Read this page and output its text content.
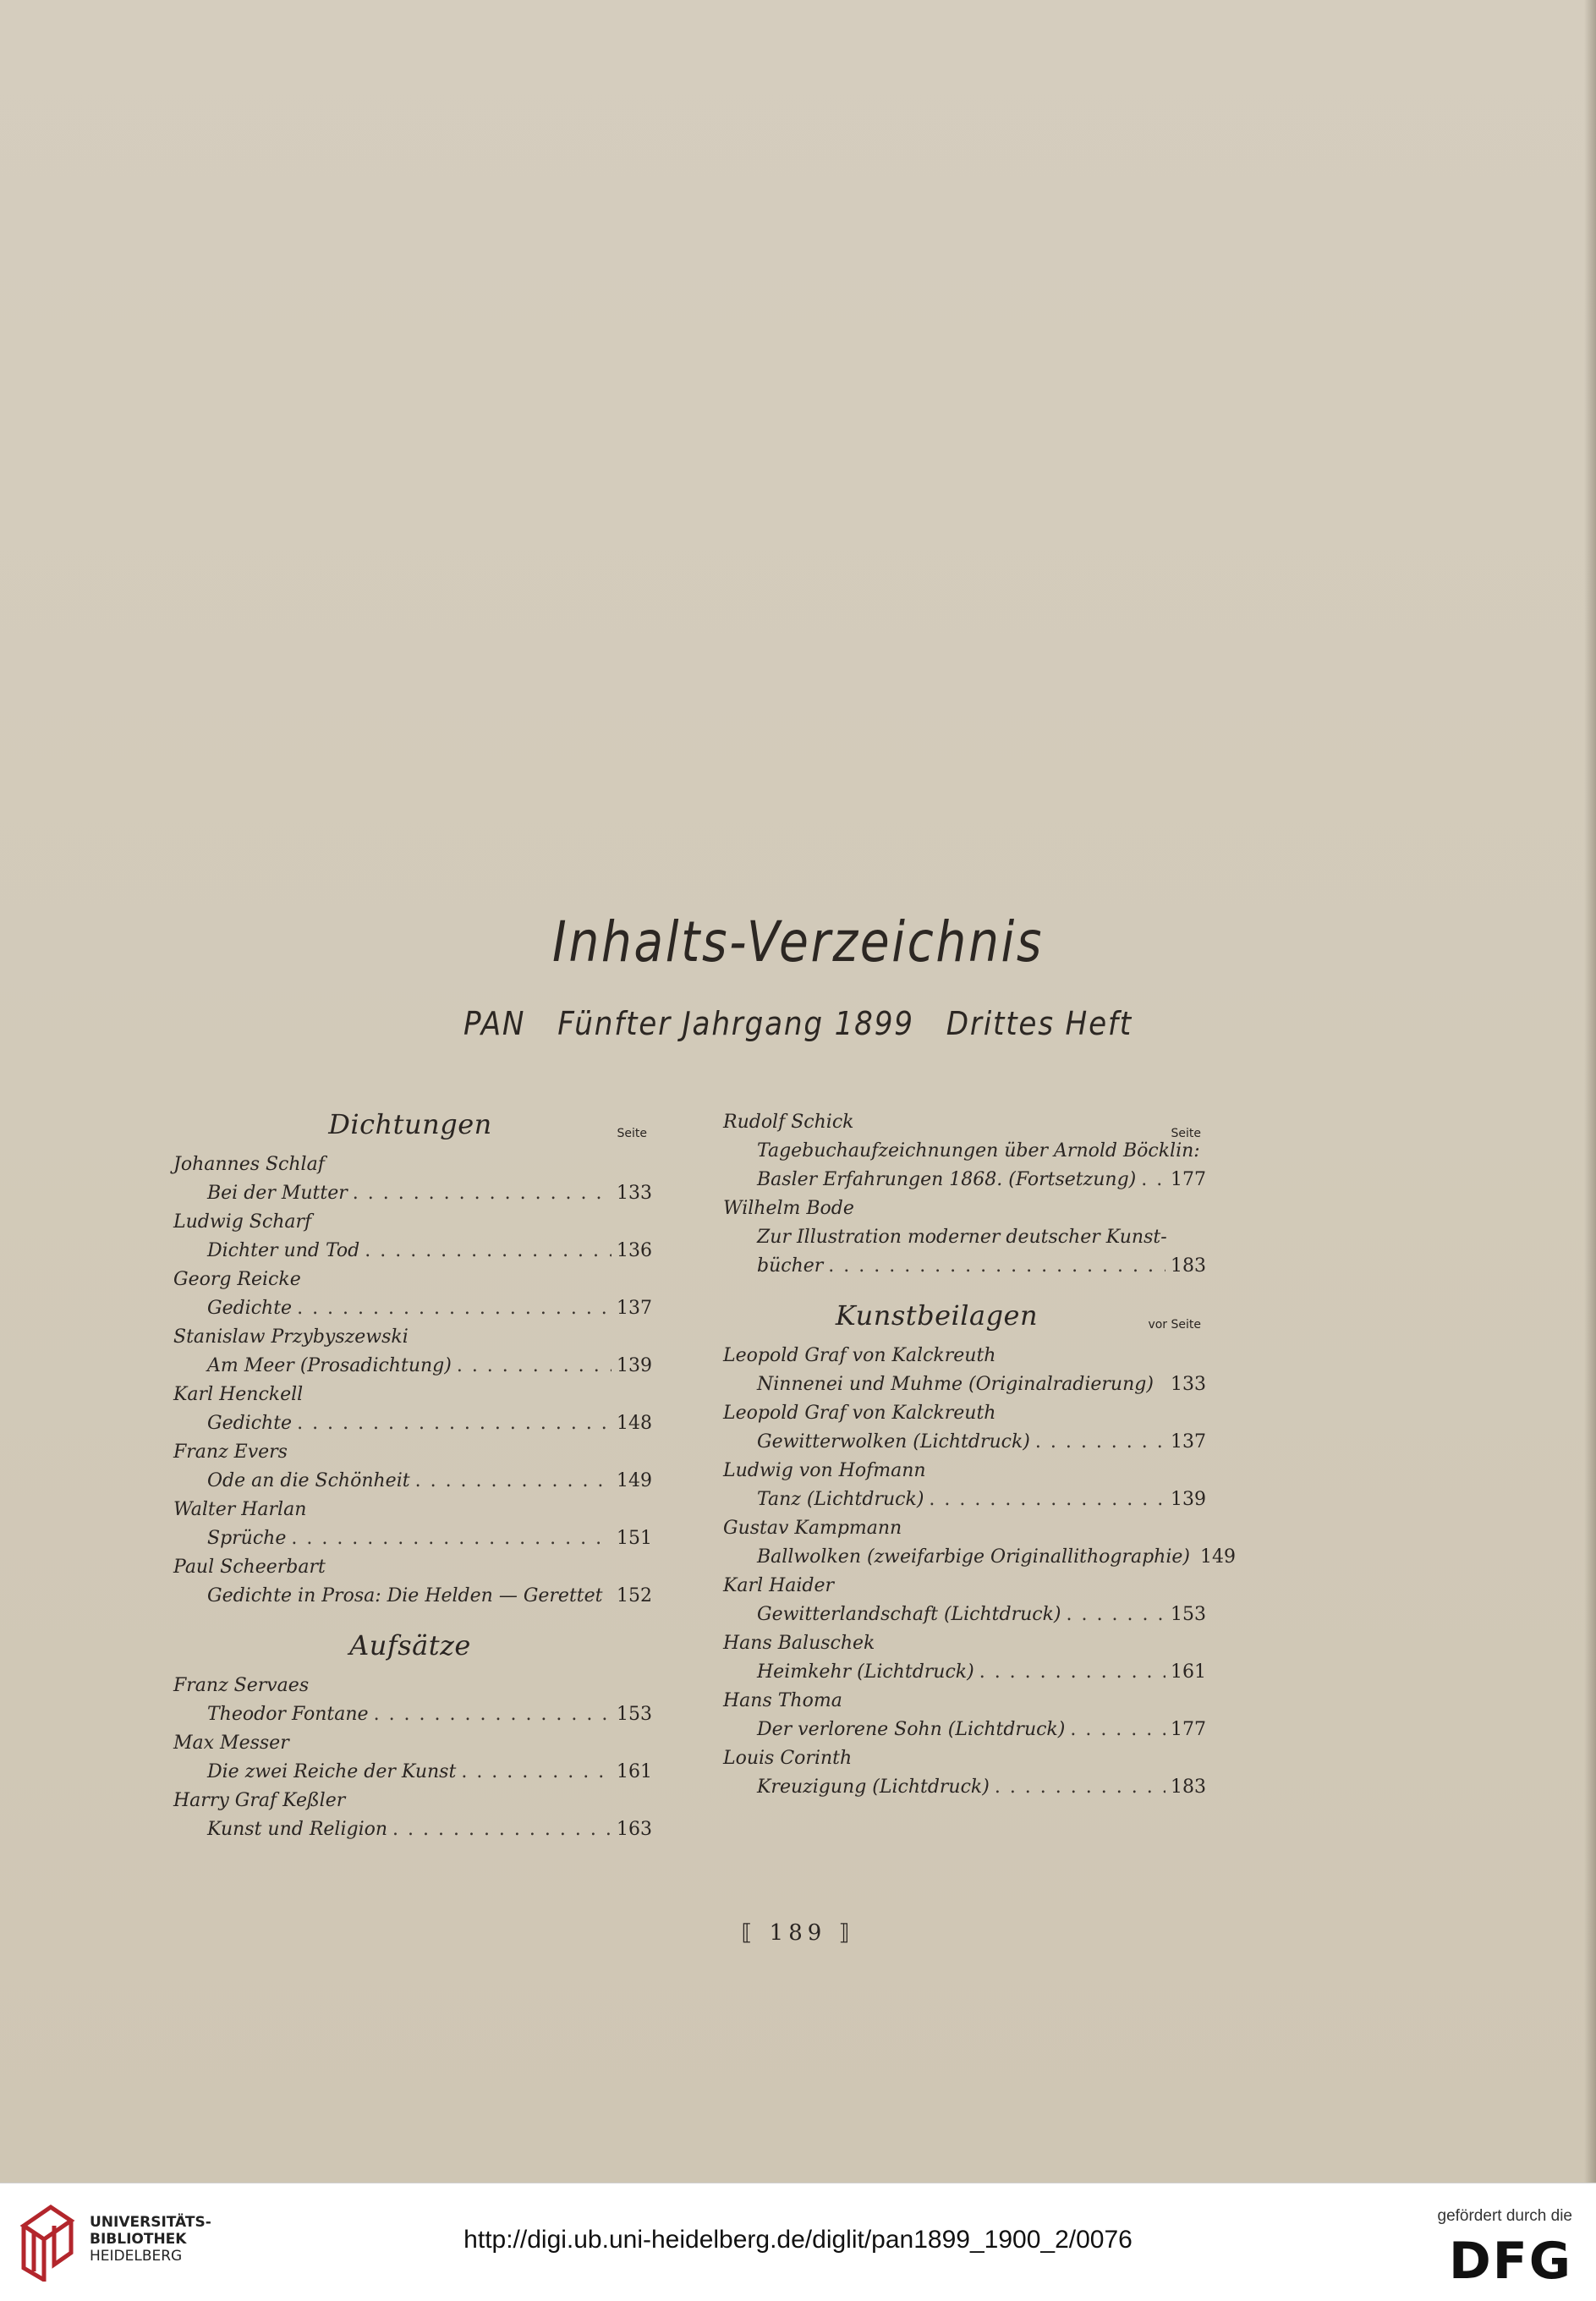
Inhalts-Verzeichnis
PAN Fünfter Jahrgang 1899 Drittes Heft
Dichtungen	Seite
Johannes Schlaf
Bei der Mutter . . .	133
Ludwig Scharf
Dichter und Tod . . .	136
Georg Reicke
Gedichte . . .	137
Stanislaw Przybyszewski
Am Meer (Prosadichtung) . . .	139
Karl Henckell
Gedichte . . .	148
Franz Evers
Ode an die Schönheit . . .	149
Walter Harlan
Sprüche . . .	151
Paul Scheerbart
Gedichte in Prosa: Die Helden — Gerettet 152
Aufsätze
Franz Servaes
Theodor Fontane . . .	153
Max Messer
Die zwei Reiche der Kunst . . .	161
Harry Graf Keßler
Kunst und Religion . . .	163
Seite
Rudolf Schick
Tagebuchaufzeichnungen über Arnold Böcklin:
Basler Erfahrungen 1868. (Fortsetzung) . . . 177
Wilhelm Bode
Zur Illustration moderner deutscher Kunst-
bücher . . .	183
Kunstbeilagen	vor Seite
Leopold Graf von Kalckreuth
Ninnenei und Muhme (Originalradierung) 133
Leopold Graf von Kalckreuth
Gewitterwolken (Lichtdruck) . . .	137
Ludwig von Hofmann
Tanz (Lichtdruck) . . .	139
Gustav Kampmann
Ballwolken (zweifarbige Originallithographie) 149
Karl Haider
Gewitterlandschaft (Lichtdruck) . . .	153
Hans Baluschek
Heimkehr (Lichtdruck) . . .	161
Hans Thoma
Der verlorene Sohn (Lichtdruck) . . .	177
Louis Corinth
Kreuzigung (Lichtdruck) . . .	183
⟦ 189 ⟧
UNIVERSITÄTS-
BIBLIOTHEK
HEIDELBERG
http://digi.ub.uni-heidelberg.de/diglit/pan1899_1900_2/0076
gefördert durch die
DFG
